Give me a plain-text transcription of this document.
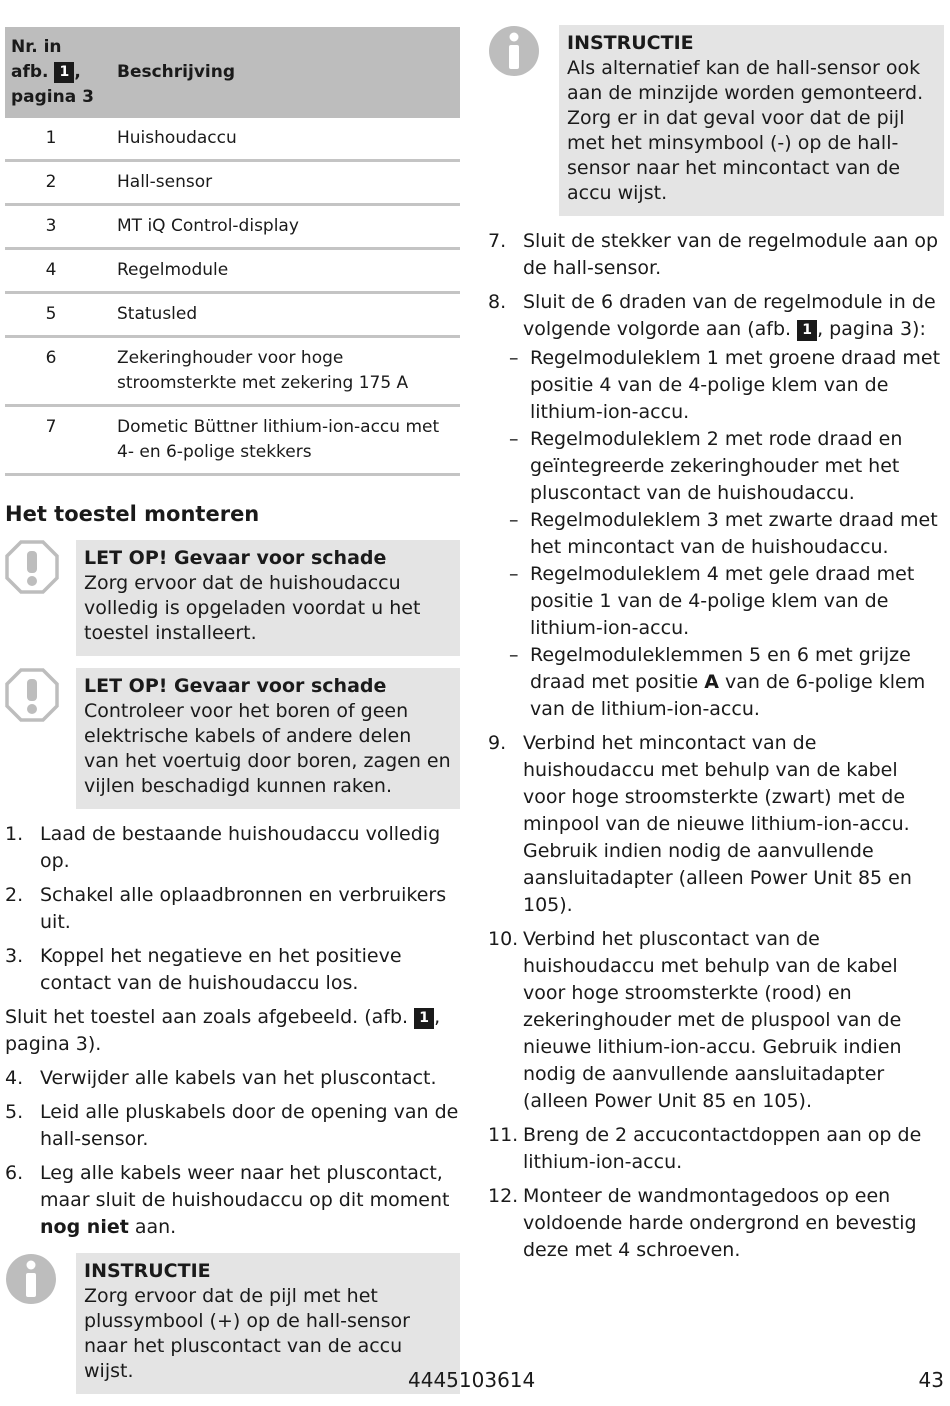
Nr. in
afb. 1 ,
pagina 3	Beschrijving
1	Huishoudaccu
2	Hall-sensor
3	MT iQ Control-display
4	Regelmodule
5	Statusled
6	Zekeringhouder voor hoge stroomsterkte met zekering 175 A
7	Dometic Büttner lithium-ion-accu met 4- en 6-polige stekkers
Het toestel monteren
LET OP! Gevaar voor schade
Zorg ervoor dat de huishoudaccu volledig is opgeladen voordat u het toestel installeert.
LET OP! Gevaar voor schade
Controleer voor het boren of geen elektrische kabels of andere delen van het voertuig door boren, zagen en vijlen beschadigd kunnen raken.
1. Laad de bestaande huishoudaccu volledig op.
2. Schakel alle oplaadbronnen en verbruikers uit.
3. Koppel het negatieve en het positieve contact van de huishoudaccu los.
Sluit het toestel aan zoals afgebeeld. (afb. 1 , pagina 3).
4. Verwijder alle kabels van het pluscontact.
5. Leid alle pluskabels door de opening van de hall-sensor.
6. Leg alle kabels weer naar het pluscontact, maar sluit de huishoudaccu op dit moment nog niet aan.
INSTRUCTIE
Zorg ervoor dat de pijl met het plussymbool (+) op de hall-sensor naar het pluscontact van de accu wijst.
INSTRUCTIE
Als alternatief kan de hall-sensor ook aan de minzijde worden gemonteerd. Zorg er in dat geval voor dat de pijl met het minsymbool (-) op de hall-sensor naar het mincontact van de accu wijst.
7. Sluit de stekker van de regelmodule aan op de hall-sensor.
8. Sluit de 6 draden van de regelmodule in de volgende volgorde aan (afb. 1 , pagina 3):
– Regelmoduleklem 1 met groene draad met positie 4 van de 4-polige klem van de lithium-ion-accu.
– Regelmoduleklem 2 met rode draad en geïntegreerde zekeringhouder met het pluscontact van de huishoudaccu.
– Regelmoduleklem 3 met zwarte draad met het mincontact van de huishoudaccu.
– Regelmoduleklem 4 met gele draad met positie 1 van de 4-polige klem van de lithium-ion-accu.
– Regelmoduleklemmen 5 en 6 met grijze draad met positie A van de 6-polige klem van de lithium-ion-accu.
9. Verbind het mincontact van de huishoudaccu met behulp van de kabel voor hoge stroomsterkte (zwart) met de minpool van de nieuwe lithium-ion-accu. Gebruik indien nodig de aanvullende aansluitadapter (alleen Power Unit 85 en 105).
10. Verbind het pluscontact van de huishoudaccu met behulp van de kabel voor hoge stroomsterkte (rood) en zekeringhouder met de pluspool van de nieuwe lithium-ion-accu. Gebruik indien nodig de aanvullende aansluitadapter (alleen Power Unit 85 en 105).
11. Breng de 2 accucontactdoppen aan op de lithium-ion-accu.
12. Monteer de wandmontagedoos op een voldoende harde ondergrond en bevestig deze met 4 schroeven.
4445103614	43
